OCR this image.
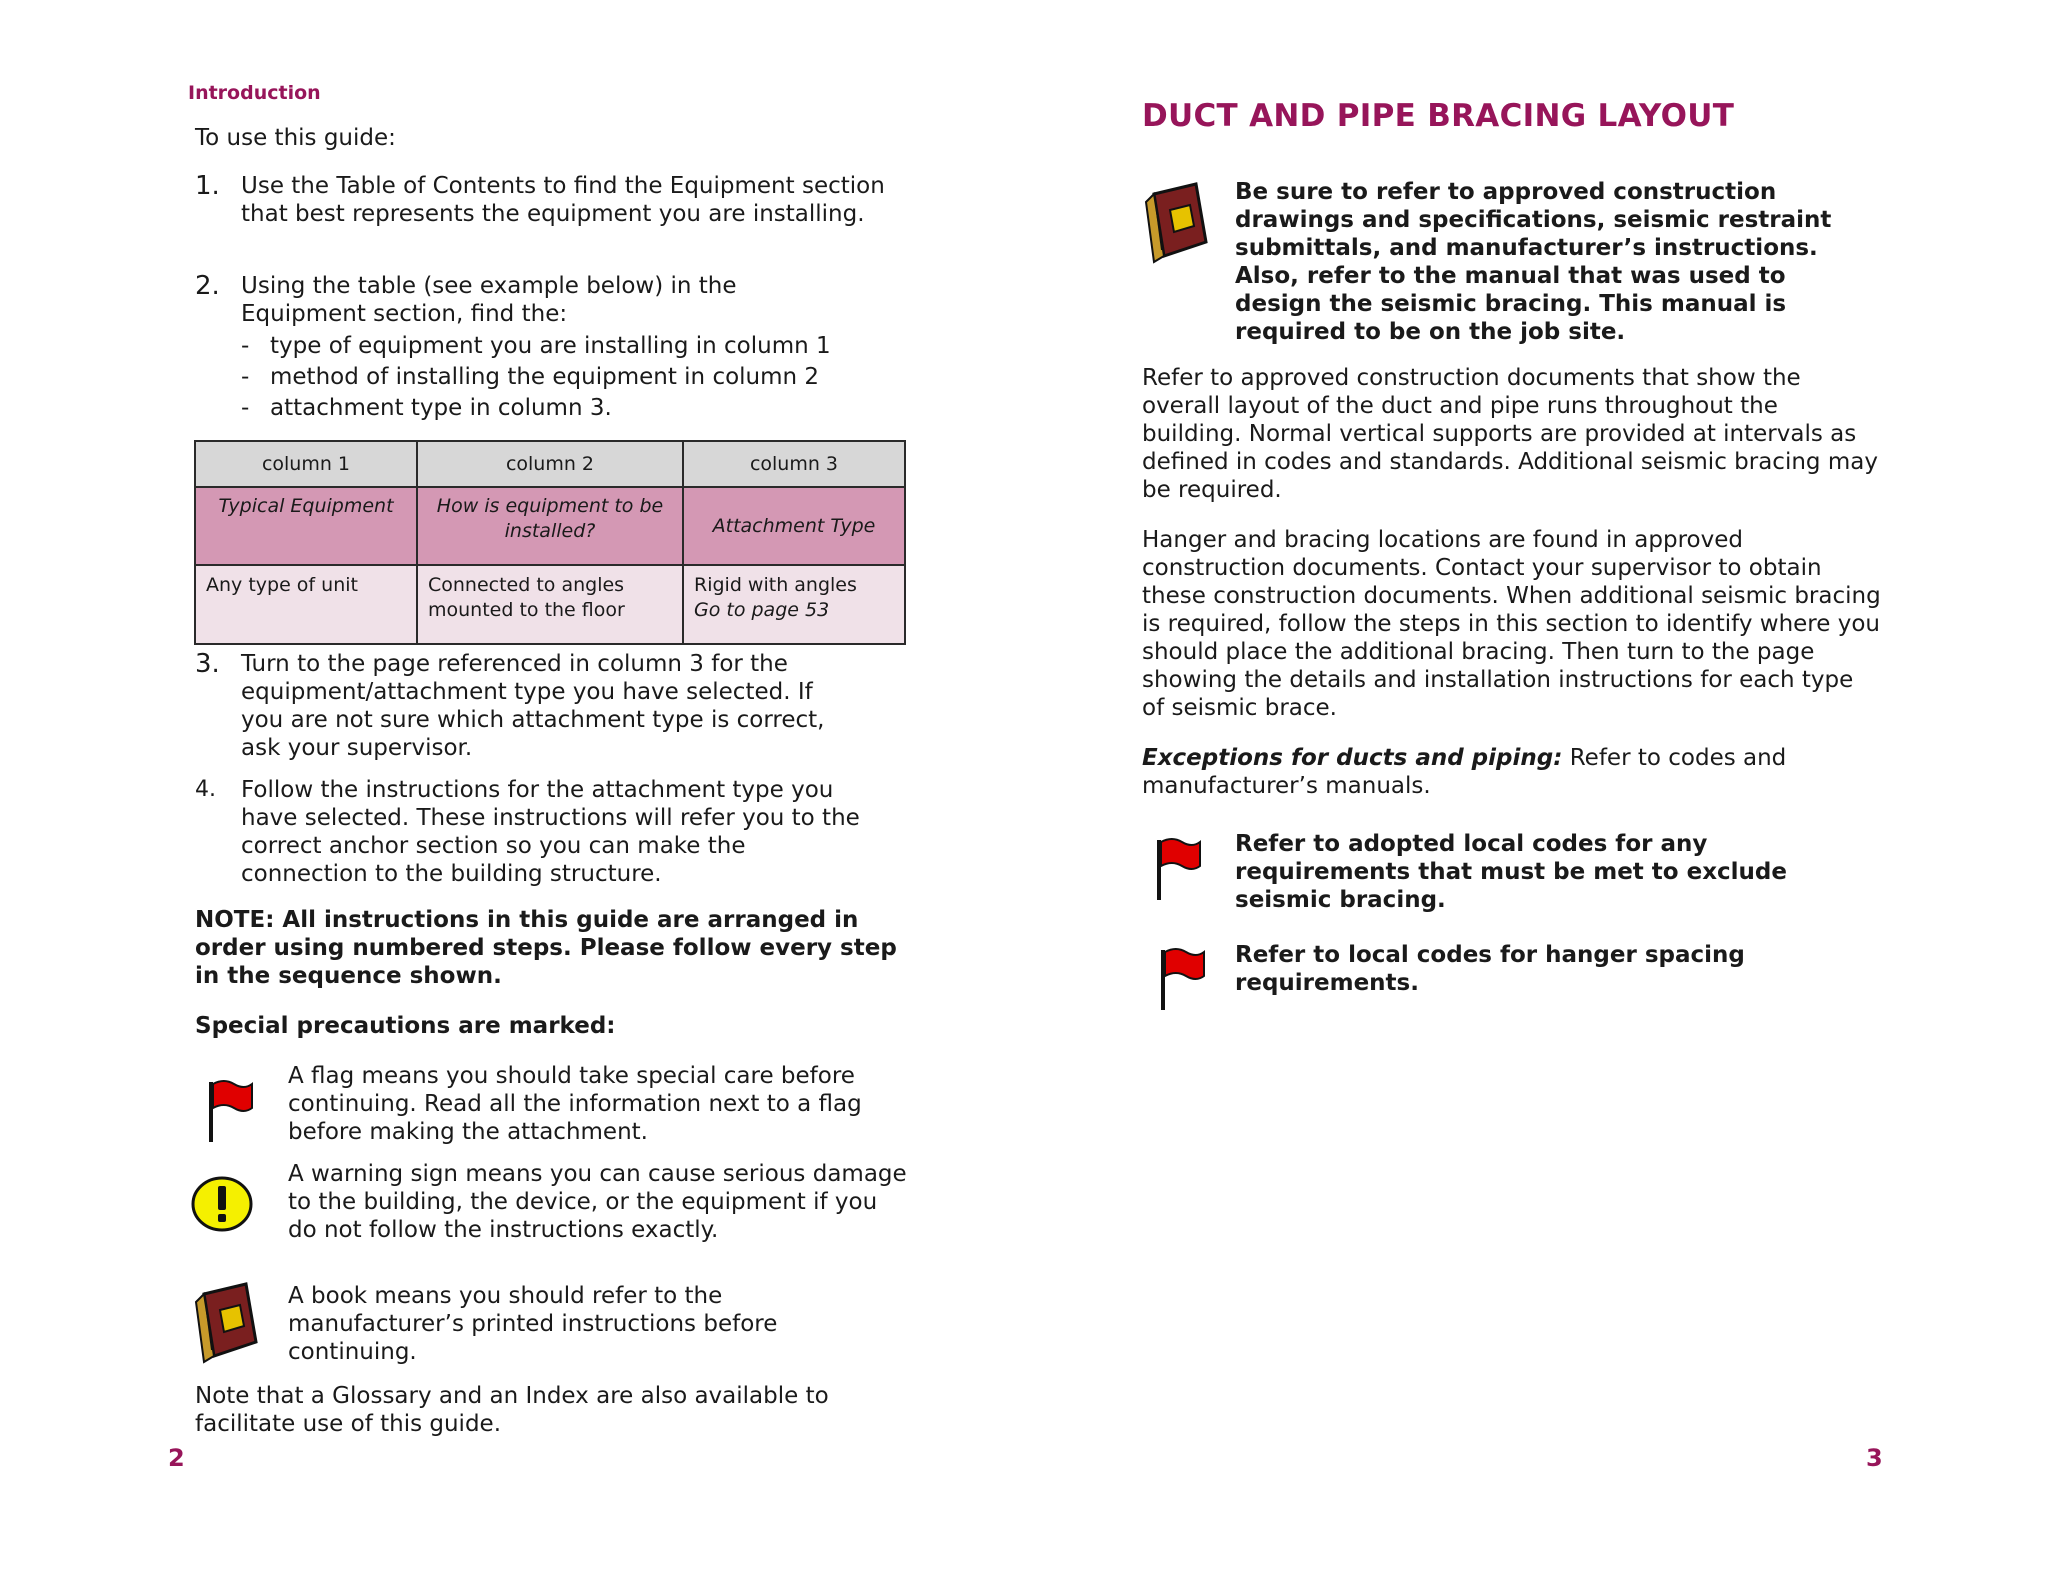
Introduction
To use this guide:
1. Use the Table of Contents to find the Equipment section that best represents the equipment you are installing.
2. Using the table (see example below) in the Equipment section, find the:
- type of equipment you are installing in column 1
- method of installing the equipment in column 2
- attachment type in column 3.
column 1	column 2	column 3
Typical Equipment	How is equipment to be installed?	Attachment Type
Any type of unit	Connected to angles mounted to the floor	Rigid with angles
Go to page 53
3. Turn to the page referenced in column 3 for the equipment/attachment type you have selected. If you are not sure which attachment type is correct, ask your supervisor.
4. Follow the instructions for the attachment type you have selected. These instructions will refer you to the correct anchor section so you can make the connection to the building structure.
NOTE: All instructions in this guide are arranged in order using numbered steps. Please follow every step in the sequence shown.
Special precautions are marked:
A flag means you should take special care before continuing. Read all the information next to a flag before making the attachment.
A warning sign means you can cause serious damage to the building, the device, or the equipment if you do not follow the instructions exactly.
A book means you should refer to the manufacturer’s printed instructions before continuing.
Note that a Glossary and an Index are also available to facilitate use of this guide.
2
DUCT AND PIPE BRACING LAYOUT
Be sure to refer to approved construction drawings and specifications, seismic restraint submittals, and manufacturer’s instructions. Also, refer to the manual that was used to design the seismic bracing. This manual is required to be on the job site.
Refer to approved construction documents that show the overall layout of the duct and pipe runs throughout the building. Normal vertical supports are provided at intervals as defined in codes and standards. Additional seismic bracing may be required.
Hanger and bracing locations are found in approved construction documents. Contact your supervisor to obtain these construction documents. When additional seismic bracing is required, follow the steps in this section to identify where you should place the additional bracing. Then turn to the page showing the details and installation instructions for each type of seismic brace.
Exceptions for ducts and piping: Refer to codes and manufacturer’s manuals.
Refer to adopted local codes for any requirements that must be met to exclude seismic bracing.
Refer to local codes for hanger spacing requirements.
3
